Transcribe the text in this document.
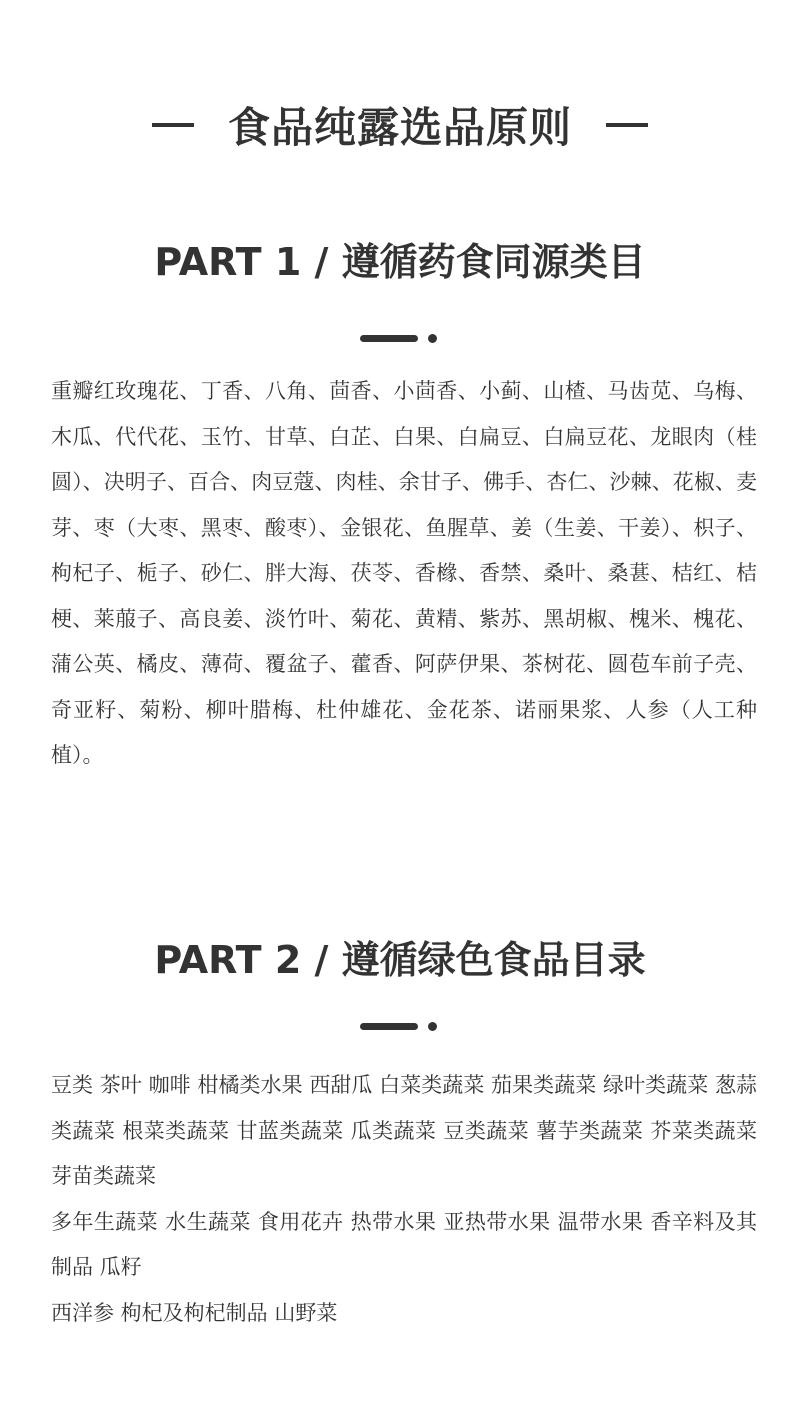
食品纯露选品原则
PART 1 / 遵循药食同源类目

重瓣红玫瑰花、丁香、八角、茴香、小茴香、小蓟、山楂、马齿苋、乌梅、木瓜、代代花、玉竹、甘草、白芷、白果、白扁豆、白扁豆花、龙眼肉（桂圆）、决明子、百合、肉豆蔻、肉桂、余甘子、佛手、杏仁、沙棘、花椒、麦芽、枣（大枣、黑枣、酸枣）、金银花、鱼腥草、姜（生姜、干姜）、枳子、枸杞子、栀子、砂仁、胖大海、茯苓、香橼、香禁、桑叶、桑葚、桔红、桔梗、莱菔子、高良姜、淡竹叶、菊花、黄精、紫苏、黑胡椒、槐米、槐花、蒲公英、橘皮、薄荷、覆盆子、藿香、阿萨伊果、茶树花、圆苞车前子壳、奇亚籽、菊粉、柳叶腊梅、杜仲雄花、金花茶、诺丽果浆、人参（人工种植）。

PART 2 / 遵循绿色食品目录
豆类 茶叶 咖啡 柑橘类水果 西甜瓜 白菜类蔬菜 茄果类蔬菜 绿叶类蔬菜 葱蒜类蔬菜 根菜类蔬菜 甘蓝类蔬菜 瓜类蔬菜 豆类蔬菜 薯芋类蔬菜 芥菜类蔬菜 芽苗类蔬菜
多年生蔬菜 水生蔬菜 食用花卉 热带水果 亚热带水果 温带水果 香辛料及其制品 瓜籽
西洋参 枸杞及枸杞制品 山野菜
